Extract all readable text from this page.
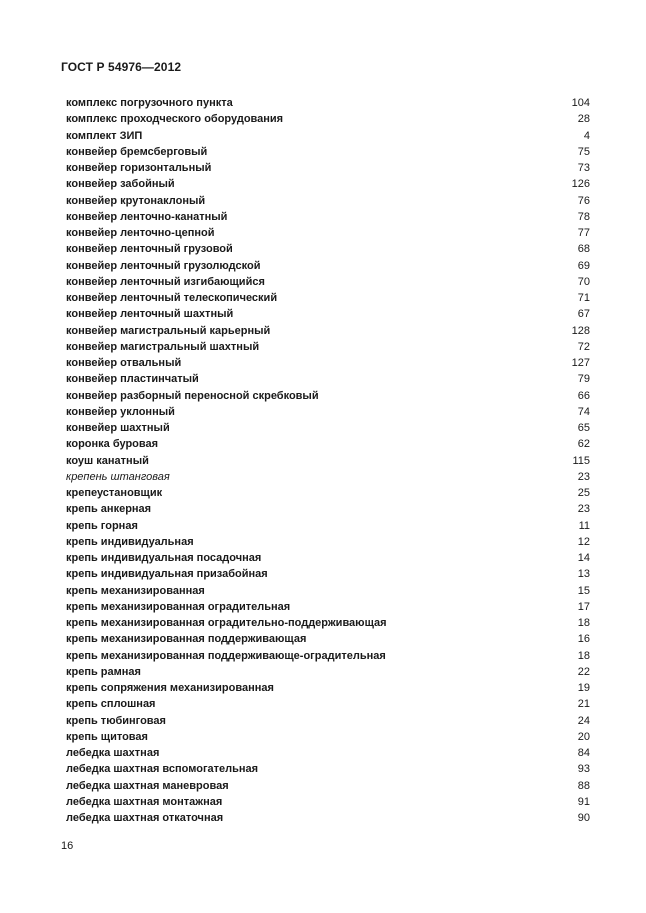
ГОСТ Р 54976—2012
комплекс погрузочного пункта	104
комплекс проходческого оборудования	28
комплект ЗИП	4
конвейер бремсберговый	75
конвейер горизонтальный	73
конвейер забойный	126
конвейер крутонаклоный	76
конвейер ленточно-канатный	78
конвейер ленточно-цепной	77
конвейер ленточный грузовой	68
конвейер ленточный грузолюдской	69
конвейер ленточный изгибающийся	70
конвейер ленточный телескопический	71
конвейер ленточный шахтный	67
конвейер магистральный карьерный	128
конвейер магистральный шахтный	72
конвейер отвальный	127
конвейер пластинчатый	79
конвейер разборный переносной скребковый	66
конвейер уклонный	74
конвейер шахтный	65
коронка буровая	62
коуш канатный	115
крепень штанговая	23
крепеустановщик	25
крепь анкерная	23
крепь горная	11
крепь индивидуальная	12
крепь индивидуальная посадочная	14
крепь индивидуальная призабойная	13
крепь механизированная	15
крепь механизированная оградительная	17
крепь механизированная оградительно-поддерживающая	18
крепь механизированная поддерживающая	16
крепь механизированная поддерживающе-оградительная	18
крепь рамная	22
крепь сопряжения механизированная	19
крепь сплошная	21
крепь тюбинговая	24
крепь щитовая	20
лебедка шахтная	84
лебедка шахтная вспомогательная	93
лебедка шахтная маневровая	88
лебедка шахтная монтажная	91
лебедка шахтная откаточная	90
16
